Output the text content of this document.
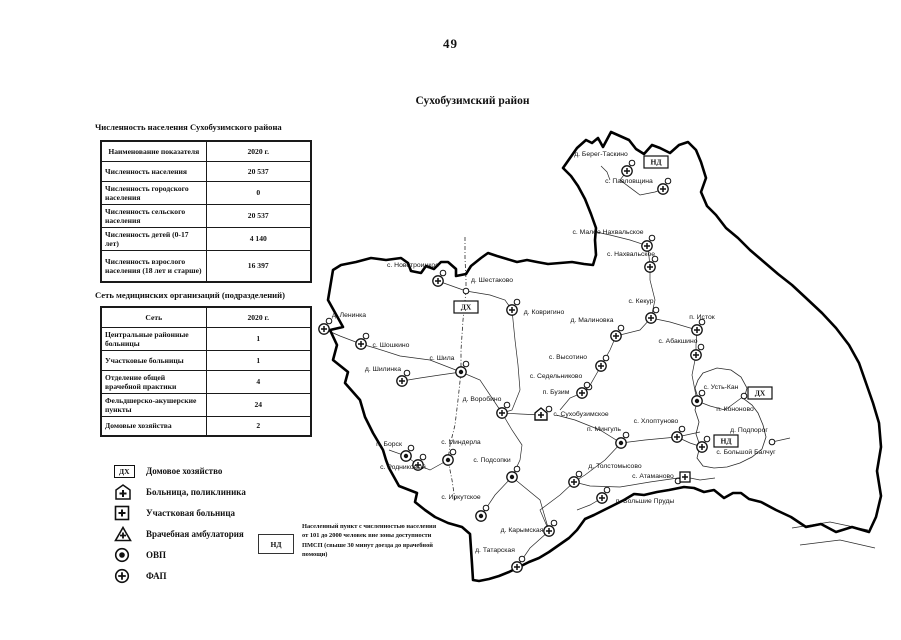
49
Сухобузимский район
Численность населения Сухобузимского района
Наименование показателя	2020 г.
Численность населения	20 537
Численность городского населения	0
Численность сельского населения	20 537
Численность детей (0-17 лет)	4 140
Численность взрослого населения (18 лет и старше)	16 397
Сеть медицинских организаций (подразделений)
Сеть	2020 г.
Центральные районные больницы	1
Участковые больницы	1
Отделение общей врачебной практики	4
Фельдшерско-акушерские пункты	24
Домовые хозяйства	2
ДХ	Домовое хозяйство
Больница, поликлиника
Участковая больница
Врачебная амбулатория
ОВП
ФАП
НД
Населенный пункт с численностью населения от 101 до 2000 человек вне зоны доступности ПМСП (свыше 30 минут доезда до врачебной помощи)
д. Берег-Таскино
с. Павловщина
с. Малое Нахвальское
с. Нахвальское
с. Новотроицкое
д. Шестаково
д. Ленинка
с. Шошкино
с. Шила
д. Шилинка
д. Ковригино
д. Малиновка
с. Кекур
п. Исток
с. Абакшино
с. Высотино
с. Седельниково
п. Бузим
д. Воробино
с. Сухобузимское
п. Мингуль
с. Хлоптуново
с. Усть-Кан
п. Кононово
д. Подпорог
с. Большой Балчуг
п. Борск
с. Родниковый
с. Миндерла
с. Подсопки
с. Иркутское
д. Карымская
д. Татарская
д. Толстомысово
с. Атаманово
п. Большие Пруды
ДХ
ДХ
НД
НД
